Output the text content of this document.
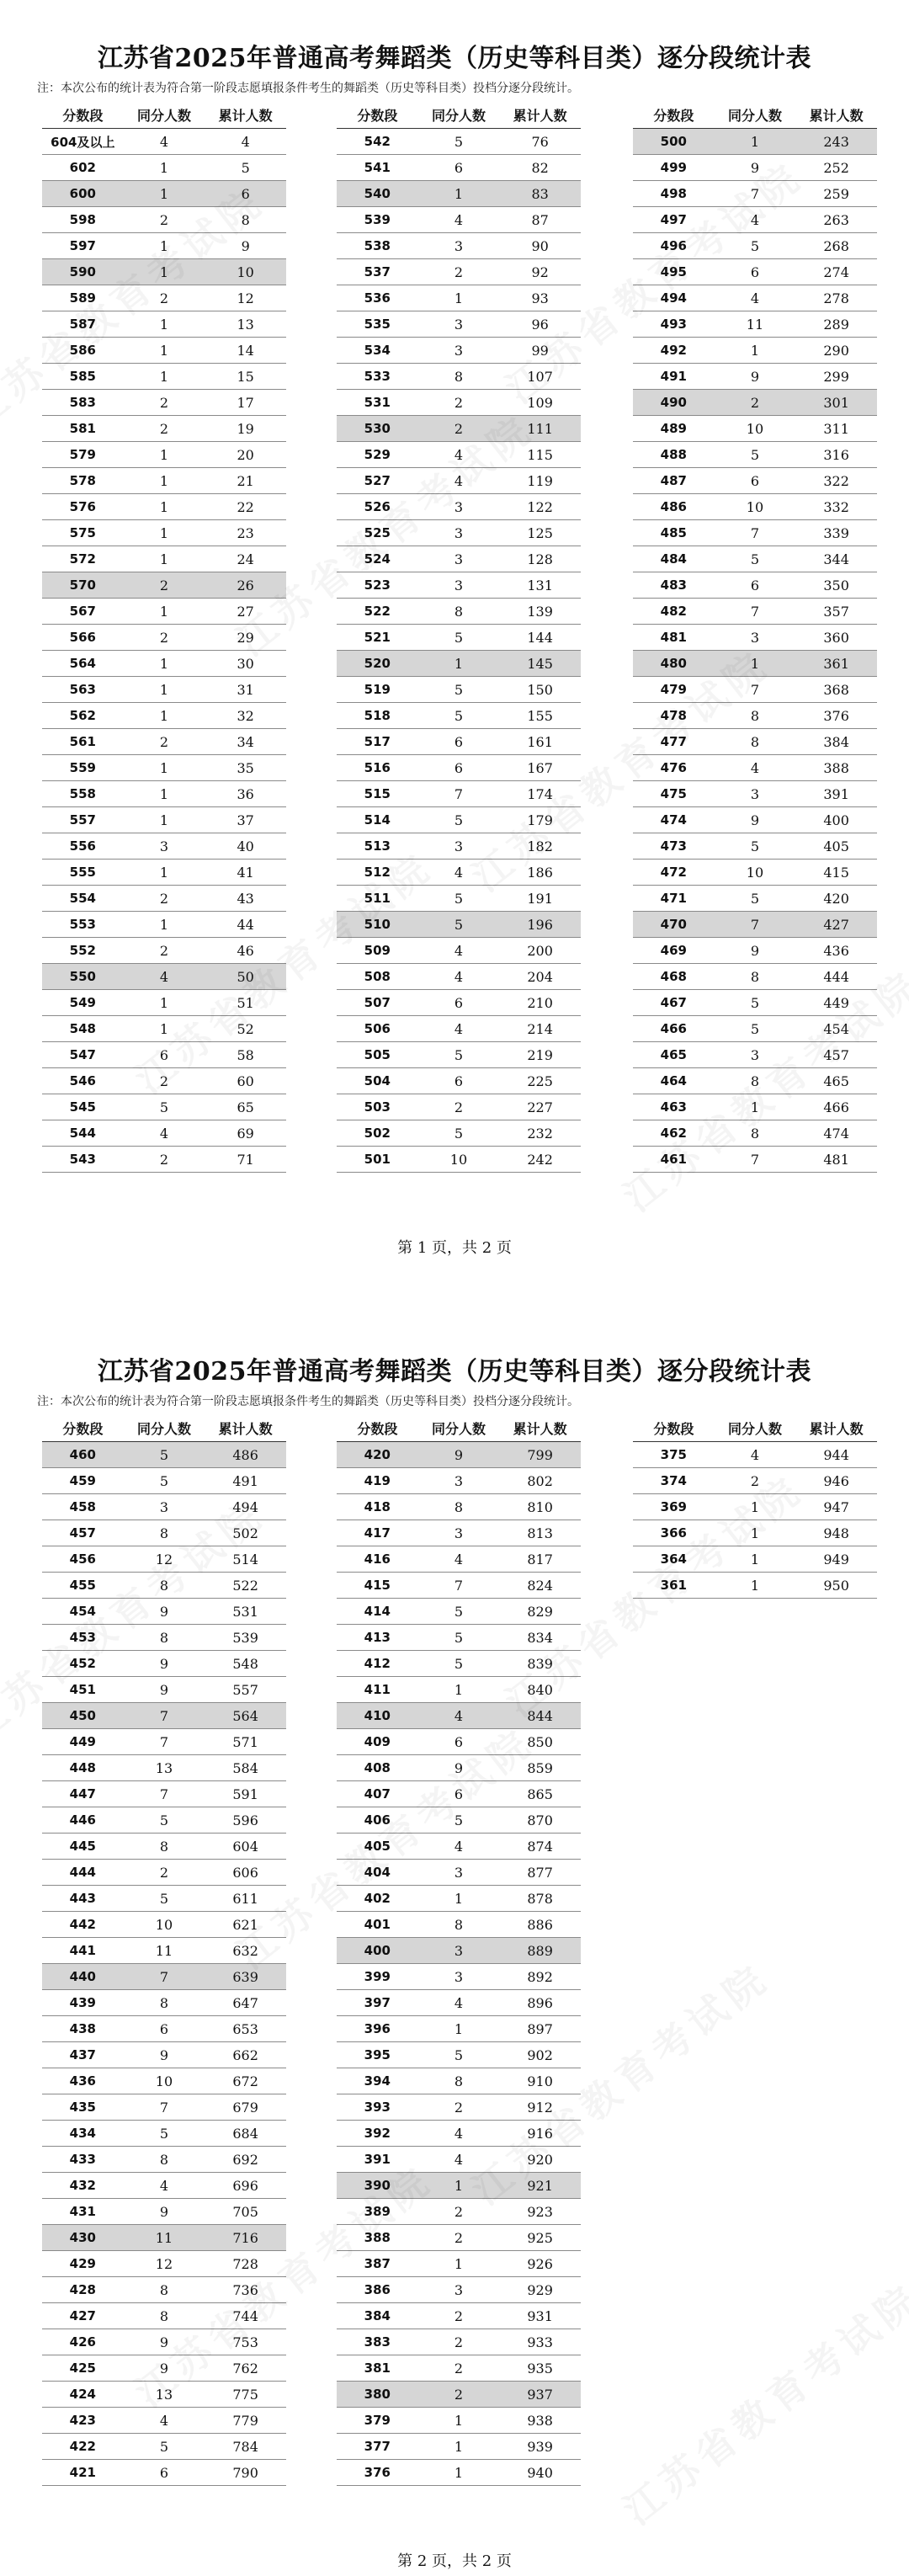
江苏省2025年普通高考舞蹈类（历史等科目类）逐分段统计表

注：本次公布的统计表为符合第一阶段志愿填报条件考生的舞蹈类（历史等科目类）投档分逐分段统计。

分数段	同分人数	累计人数
604及以上	4	4
602	1	5
600	1	6
598	2	8
597	1	9
590	1	10
589	2	12
587	1	13
586	1	14
585	1	15
583	2	17
581	2	19
579	1	20
578	1	21
576	1	22
575	1	23
572	1	24
570	2	26
567	1	27
566	2	29
564	1	30
563	1	31
562	1	32
561	2	34
559	1	35
558	1	36
557	1	37
556	3	40
555	1	41
554	2	43
553	1	44
552	2	46
550	4	50
549	1	51
548	1	52
547	6	58
546	2	60
545	5	65
544	4	69
543	2	71
分数段	同分人数	累计人数
542	5	76
541	6	82
540	1	83
539	4	87
538	3	90
537	2	92
536	1	93
535	3	96
534	3	99
533	8	107
531	2	109
530	2	111
529	4	115
527	4	119
526	3	122
525	3	125
524	3	128
523	3	131
522	8	139
521	5	144
520	1	145
519	5	150
518	5	155
517	6	161
516	6	167
515	7	174
514	5	179
513	3	182
512	4	186
511	5	191
510	5	196
509	4	200
508	4	204
507	6	210
506	4	214
505	5	219
504	6	225
503	2	227
502	5	232
501	10	242
分数段	同分人数	累计人数
500	1	243
499	9	252
498	7	259
497	4	263
496	5	268
495	6	274
494	4	278
493	11	289
492	1	290
491	9	299
490	2	301
489	10	311
488	5	316
487	6	322
486	10	332
485	7	339
484	5	344
483	6	350
482	7	357
481	3	360
480	1	361
479	7	368
478	8	376
477	8	384
476	4	388
475	3	391
474	9	400
473	5	405
472	10	415
471	5	420
470	7	427
469	9	436
468	8	444
467	5	449
466	5	454
465	3	457
464	8	465
463	1	466
462	8	474
461	7	481

第 1 页，共 2 页

江苏省2025年普通高考舞蹈类（历史等科目类）逐分段统计表

注：本次公布的统计表为符合第一阶段志愿填报条件考生的舞蹈类（历史等科目类）投档分逐分段统计。

分数段	同分人数	累计人数
460	5	486
459	5	491
458	3	494
457	8	502
456	12	514
455	8	522
454	9	531
453	8	539
452	9	548
451	9	557
450	7	564
449	7	571
448	13	584
447	7	591
446	5	596
445	8	604
444	2	606
443	5	611
442	10	621
441	11	632
440	7	639
439	8	647
438	6	653
437	9	662
436	10	672
435	7	679
434	5	684
433	8	692
432	4	696
431	9	705
430	11	716
429	12	728
428	8	736
427	8	744
426	9	753
425	9	762
424	13	775
423	4	779
422	5	784
421	6	790
分数段	同分人数	累计人数
420	9	799
419	3	802
418	8	810
417	3	813
416	4	817
415	7	824
414	5	829
413	5	834
412	5	839
411	1	840
410	4	844
409	6	850
408	9	859
407	6	865
406	5	870
405	4	874
404	3	877
402	1	878
401	8	886
400	3	889
399	3	892
397	4	896
396	1	897
395	5	902
394	8	910
393	2	912
392	4	916
391	4	920
390	1	921
389	2	923
388	2	925
387	1	926
386	3	929
384	2	931
383	2	933
381	2	935
380	2	937
379	1	938
377	1	939
376	1	940
分数段	同分人数	累计人数
375	4	944
374	2	946
369	1	947
366	1	948
364	1	949
361	1	950

第 2 页，共 2 页
